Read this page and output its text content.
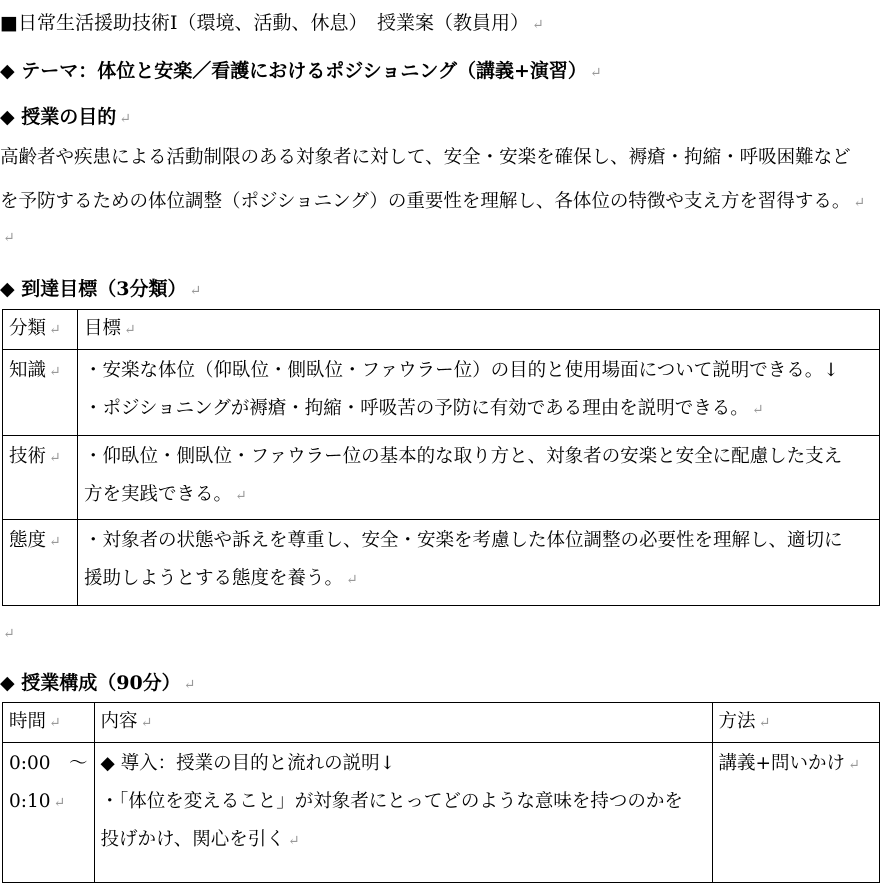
■日常生活援助技術Ⅰ（環境、活動、休息）　授業案（教員用） ↵
◆ テーマ：体位と安楽／看護におけるポジショニング（講義+演習） ↵
◆ 授業の目的 ↵
高齢者や疾患による活動制限のある対象者に対して、安全・安楽を確保し、褥瘡・拘縮・呼吸困難など
を予防するための体位調整（ポジショニング）の重要性を理解し、各体位の特徴や支え方を習得する。 ↵
↵
◆ 到達目標（3分類） ↵
分類 ↵	目標 ↵
知識 ↵	・安楽な体位（仰臥位・側臥位・ファウラー位）の目的と使用場面について説明できる。↓
・ポジショニングが褥瘡・拘縮・呼吸苦の予防に有効である理由を説明できる。 ↵

技術 ↵	・仰臥位・側臥位・ファウラー位の基本的な取り方と、対象者の安楽と安全に配慮した支え
方を実践できる。 ↵

態度 ↵	・対象者の状態や訴えを尊重し、安全・安楽を考慮した体位調整の必要性を理解し、適切に
援助しようとする態度を養う。 ↵
↵
◆ 授業構成（90分） ↵
時間 ↵	内容 ↵	方法 ↵

0:00　～
0:10 ↵	◆ 導入：授業の目的と流れの説明↓
・「体位を変えること」が対象者にとってどのような意味を持つのかを
投げかけ、関心を引く ↵	講義+問いかけ ↵
